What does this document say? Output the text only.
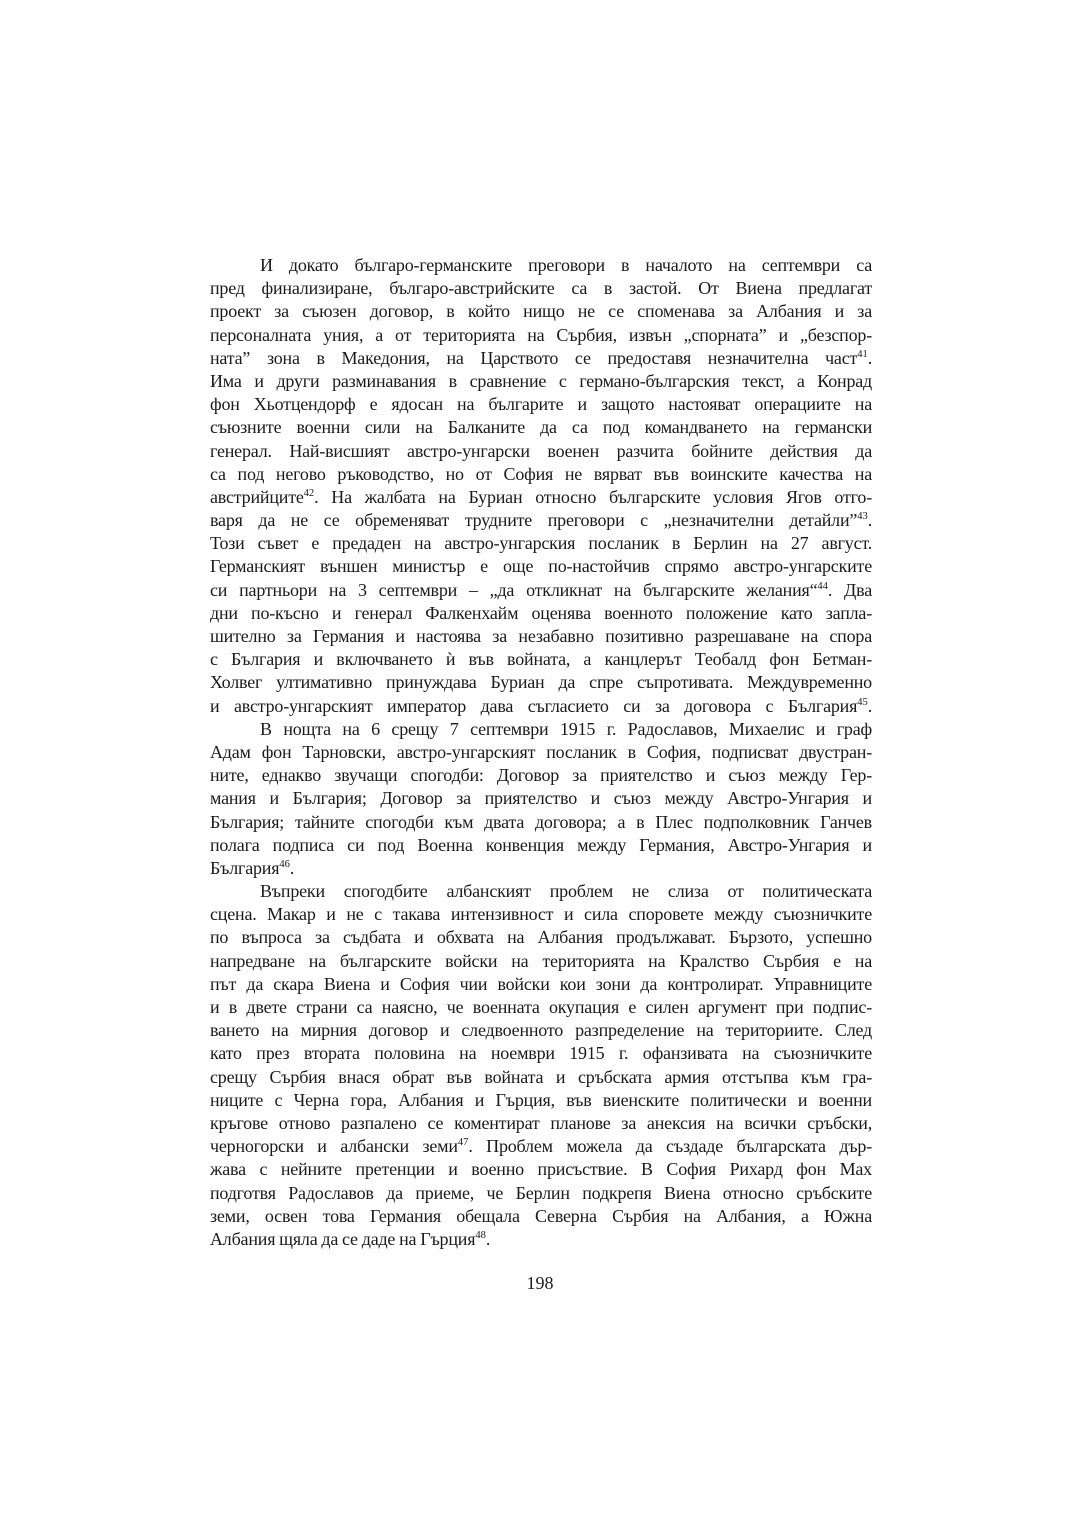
И докато българо-германските преговори в началото на септември са
пред финализиране, българо-австрийските са в застой. От Виена предлагат
проект за съюзен договор, в който нищо не се споменава за Албания и за
персоналната уния, а от територията на Сърбия, извън „спорната” и „безспор-
ната” зона в Македония, на Царството се предоставя незначителна част$^{41}$.
Има и други разминавания в сравнение с германо-българския текст, а Конрад
фон Хьотцендорф е ядосан на българите и защото настояват операциите на
съюзните военни сили на Балканите да са под командването на германски
генерал. Най-висшият австро-унгарски военен разчита бойните действия да
са под негово ръководство, но от София не вярват във воинските качества на
австрийците$^{42}$. На жалбата на Буриан относно българските условия Ягов отго-
варя да не се обременяват трудните преговори с „незначителни детайли”$^{43}$.
Този съвет е предаден на австро-унгарския посланик в Берлин на 27 август.
Германският външен министър е още по-настойчив спрямо австро-унгарските
си партньори на 3 септември – „да откликнат на българските желания“$^{44}$. Два
дни по-късно и генерал Фалкенхайм оценява военното положение като запла-
шително за Германия и настоява за незабавно позитивно разрешаване на спора
с България и включването ѝ във войната, а канцлерът Теобалд фон Бетман-
Холвег ултимативно принуждава Буриан да спре съпротивата. Междувременно
и австро-унгарският император дава съгласието си за договора с България$^{45}$.
В нощта на 6 срещу 7 септември 1915 г. Радославов, Михаелис и граф
Адам фон Тарновски, австро-унгарският посланик в София, подписват двустран-
ните, еднакво звучащи спогодби: Договор за приятелство и съюз между Гер-
мания и България; Договор за приятелство и съюз между Австро-Унгария и
България; тайните спогодби към двата договора; а в Плес подполковник Ганчев
полага подписа си под Военна конвенция между Германия, Австро-Унгария и
България$^{46}$.
Въпреки спогодбите албанският проблем не слиза от политическата
сцена. Макар и не с такава интензивност и сила споровете между съюзничките
по въпроса за съдбата и обхвата на Албания продължават. Бързото, успешно
напредване на българските войски на територията на Кралство Сърбия е на
път да скара Виена и София чии войски кои зони да контролират. Управниците
и в двете страни са наясно, че военната окупация е силен аргумент при подпис-
ването на мирния договор и следвоенното разпределение на териториите. След
като през втората половина на ноември 1915 г. офанзивата на съюзничките
срещу Сърбия внася обрат във войната и сръбската армия отстъпва към гра-
ниците с Черна гора, Албания и Гърция, във виенските политически и военни
кръгове отново разпалено се коментират планове за анексия на всички сръбски,
черногорски и албански земи$^{47}$. Проблем можела да създаде българската дър-
жава с нейните претенции и военно присъствие. В София Рихард фон Мах
подготвя Радославов да приеме, че Берлин подкрепя Виена относно сръбските
земи, освен това Германия обещала Северна Сърбия на Албания, а Южна
Албания щяла да се даде на Гърция$^{48}$.
198
